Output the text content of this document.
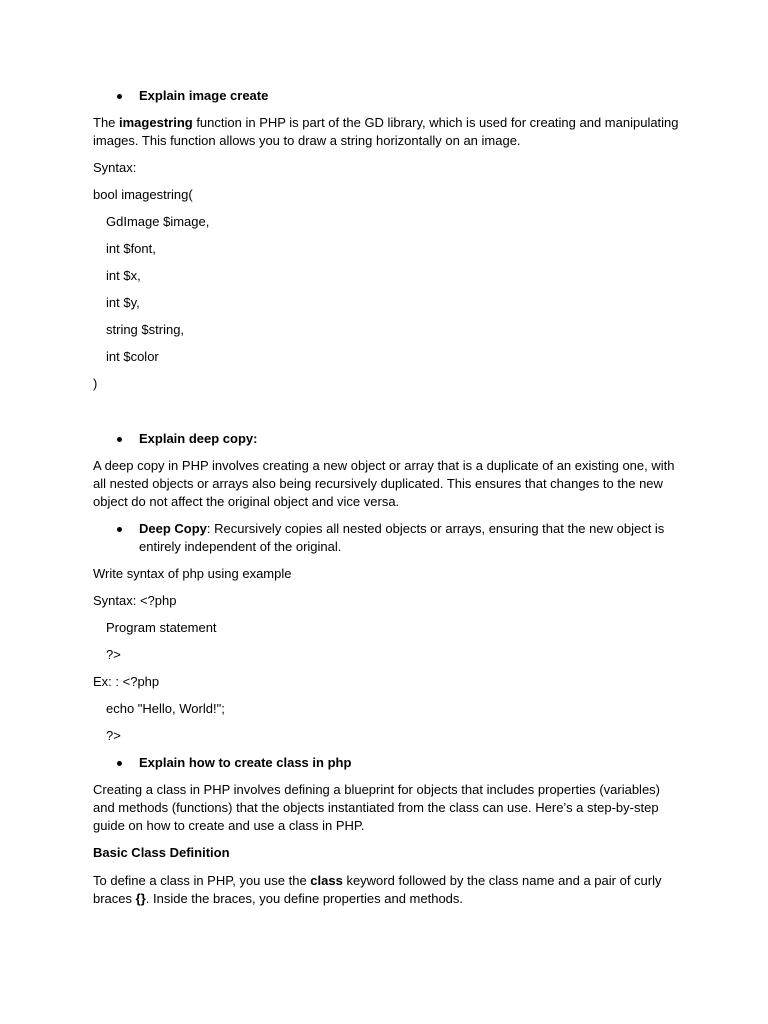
Explain image create

The imagestring function in PHP is part of the GD library, which is used for creating and manipulating images. This function allows you to draw a string horizontally on an image.

Syntax:

bool imagestring(

GdImage $image,

int $font,

int $x,

int $y,

string $string,

int $color

)

Explain deep copy:

A deep copy in PHP involves creating a new object or array that is a duplicate of an existing one, with all nested objects or arrays also being recursively duplicated. This ensures that changes to the new object do not affect the original object and vice versa.

Deep Copy: Recursively copies all nested objects or arrays, ensuring that the new object is entirely independent of the original.

Write syntax of php using example

Syntax: <?php

Program statement

?>

Ex: : <?php

echo "Hello, World!";

?>

Explain how to create class in php

Creating a class in PHP involves defining a blueprint for objects that includes properties (variables) and methods (functions) that the objects instantiated from the class can use. Here’s a step-by-step guide on how to create and use a class in PHP.

Basic Class Definition

To define a class in PHP, you use the class keyword followed by the class name and a pair of curly braces {}. Inside the braces, you define properties and methods.
